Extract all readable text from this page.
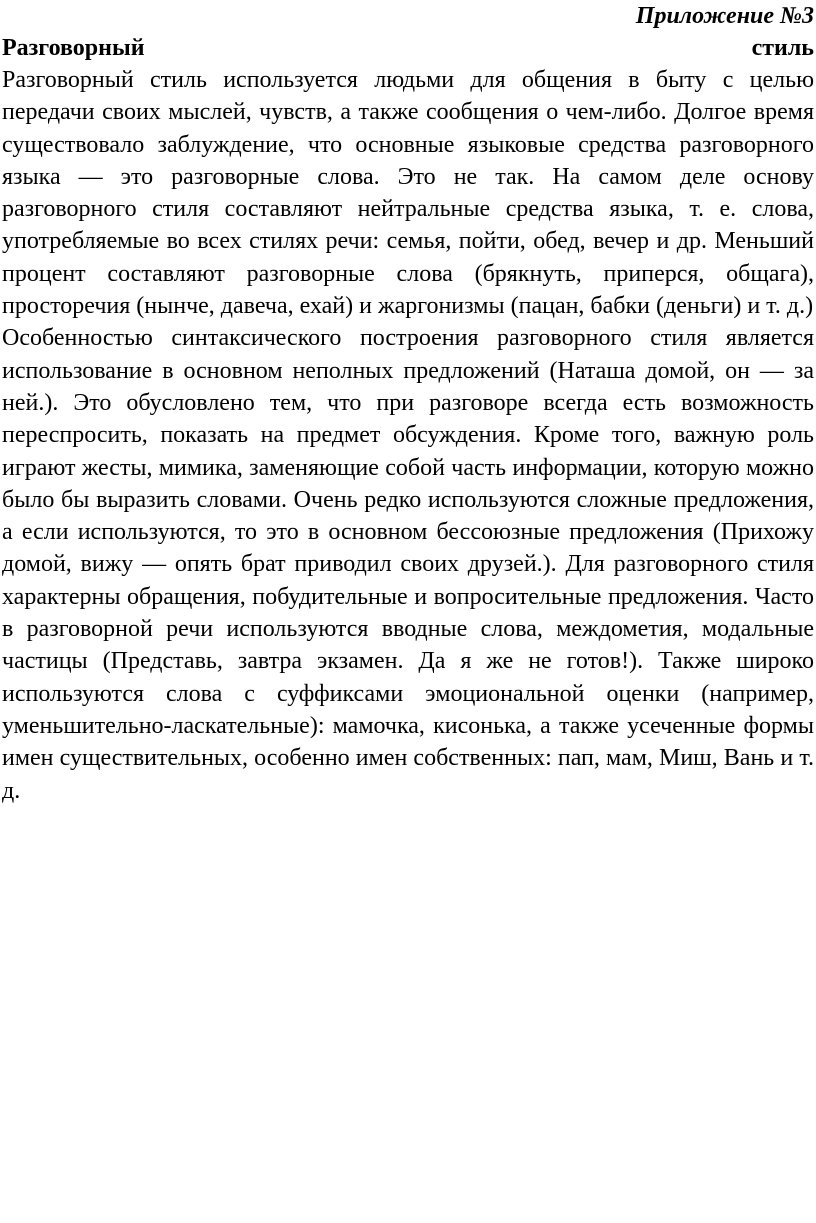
Приложение №3

Разговорный	стиль

Разговорный стиль используется людьми для общения в быту с целью передачи своих мыслей, чувств, а также сообщения о чем-либо. Долгое время существовало заблуждение, что основные языковые средства разговорного языка — это разговорные слова. Это не так. На самом деле основу разговорного стиля составляют нейтральные средства языка, т. е. слова, употребляемые во всех стилях речи: семья, пойти, обед, вечер и др. Меньший процент составляют разговорные слова (брякнуть, приперся, общага), просторечия (нынче, давеча, ехай) и жаргонизмы (пацан, бабки (деньги) и т. д.)

Особенностью синтаксического построения разговорного стиля является использование в основном неполных предложений (Наташа домой, он — за ней.). Это обусловлено тем, что при разговоре всегда есть возможность переспросить, показать на предмет обсуждения. Кроме того, важную роль играют жесты, мимика, заменяющие собой часть информации, которую можно было бы выразить словами. Очень редко используются сложные предложения, а если используются, то это в основном бессоюзные предложения (Прихожу домой, вижу — опять брат приводил своих друзей.). Для разговорного стиля характерны обращения, побудительные и вопросительные предложения. Часто в разговорной речи используются вводные слова, междометия, модальные частицы (Представь, завтра экзамен. Да я же не готов!). Также широко используются слова с суффиксами эмоциональной оценки (например, уменьшительно-ласкательные): мамочка, кисонька, а также усеченные формы имен существительных, особенно имен собственных: пап, мам, Миш, Вань и т. д.
